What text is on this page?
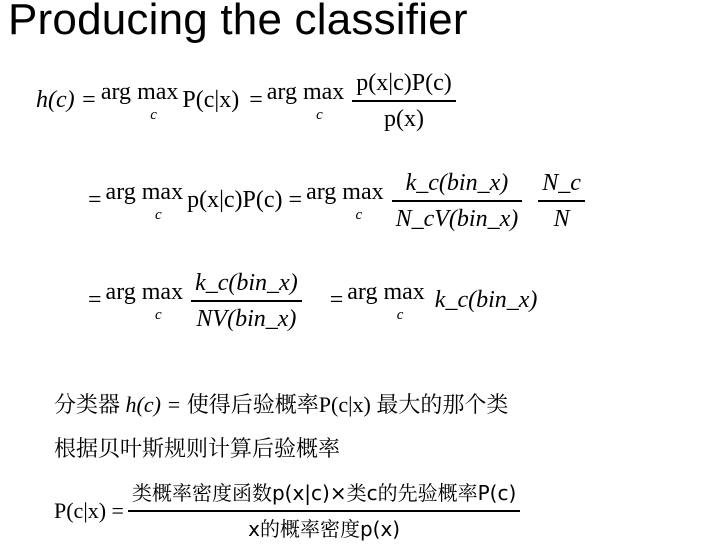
Producing the classifier
h(c) = arg max
c
P(c|x) = arg max
c $\frac{p(x|c)P(c)}{p(x)}$
= arg max
c
p(x|c)P(c) = arg max
c $\frac{\text{k\_c(bin\_x)}}{\text{N\_cV(bin\_x)}} \frac{N\_c}{N}$
= arg max
c $\frac{\text{k\_c(bin\_x)}}{\text{NV(bin\_x)}}$ = arg max
c
k_c(bin_x)
分类器 h(c) = 使得后验概率P(c|x) 最大的那个类
根据贝叶斯规则计算后验概率
$P(c|x) = \frac{\text{类概率密度函数p(x|c)×类c的先验概率P(c)}}{\text{x的概率密度p(x)}}$
